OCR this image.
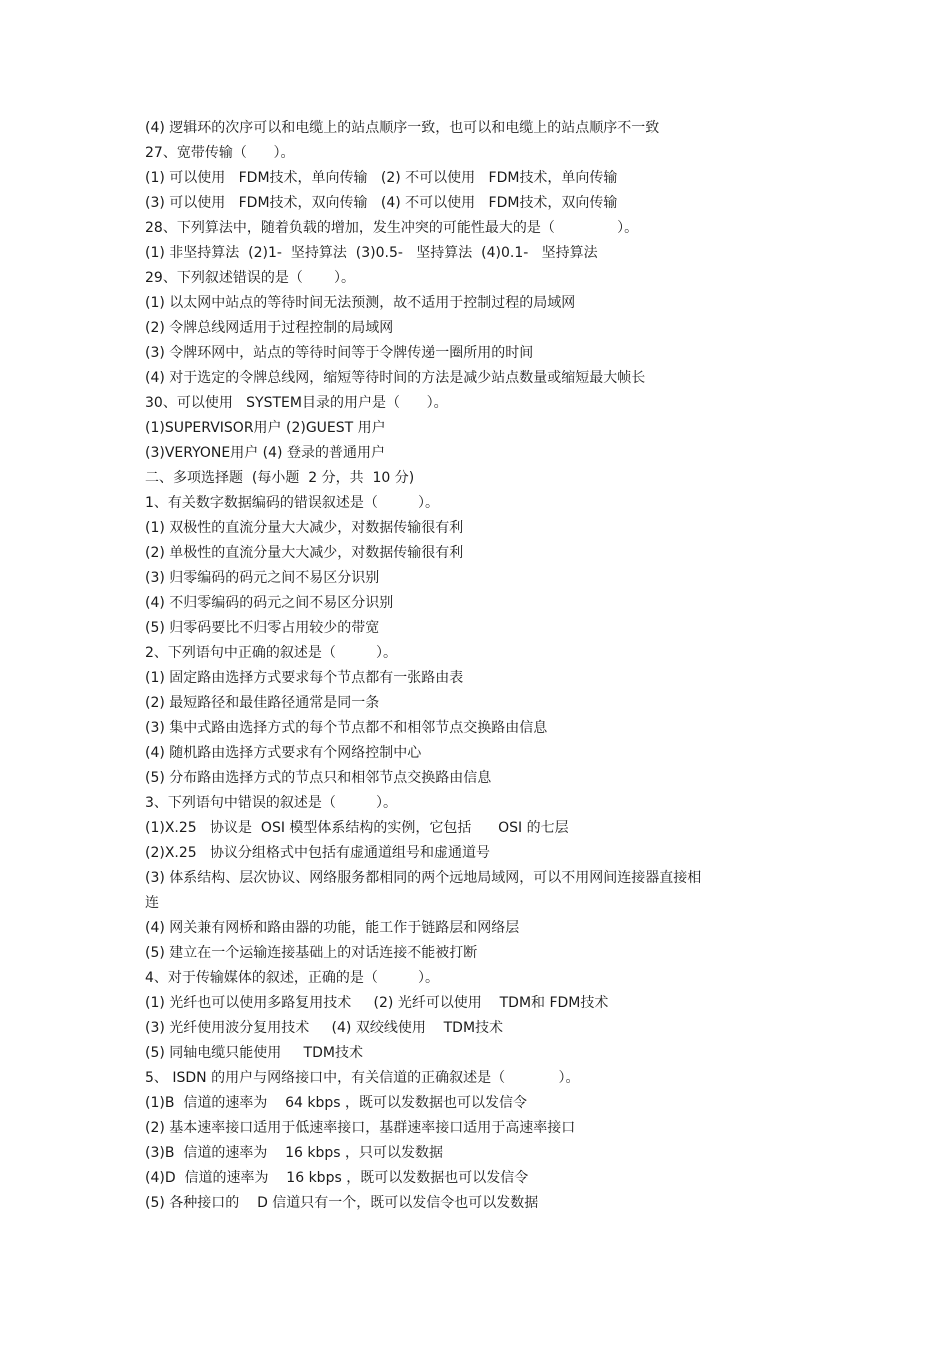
(4) 逻辑环的次序可以和电缆上的站点顺序一致，也可以和电缆上的站点顺序不一致
27、宽带传输（      ）。
(1) 可以使用   FDM技术，单向传输   (2) 不可以使用   FDM技术，单向传输
(3) 可以使用   FDM技术，双向传输   (4) 不可以使用   FDM技术，双向传输
28、下列算法中，随着负载的增加，发生冲突的可能性最大的是（              ）。
(1) 非坚持算法  (2)1-  坚持算法  (3)0.5-   坚持算法  (4)0.1-   坚持算法
29、下列叙述错误的是（       ）。
(1) 以太网中站点的等待时间无法预测，故不适用于控制过程的局域网
(2) 令牌总线网适用于过程控制的局域网
(3) 令牌环网中，站点的等待时间等于令牌传递一圈所用的时间
(4) 对于选定的令牌总线网，缩短等待时间的方法是减少站点数量或缩短最大帧长
30、可以使用   SYSTEM目录的用户是（      ）。
(1)SUPERVISOR用户 (2)GUEST 用户
(3)VERYONE用户 (4) 登录的普通用户
二、多项选择题  (每小题  2 分，共  10 分)
1、有关数字数据编码的错误叙述是（         ）。
(1) 双极性的直流分量大大减少，对数据传输很有利
(2) 单极性的直流分量大大减少，对数据传输很有利
(3) 归零编码的码元之间不易区分识别
(4) 不归零编码的码元之间不易区分识别
(5) 归零码要比不归零占用较少的带宽
2、下列语句中正确的叙述是（         ）。
(1) 固定路由选择方式要求每个节点都有一张路由表
(2) 最短路径和最佳路径通常是同一条
(3) 集中式路由选择方式的每个节点都不和相邻节点交换路由信息
(4) 随机路由选择方式要求有个网络控制中心
(5) 分布路由选择方式的节点只和相邻节点交换路由信息
3、下列语句中错误的叙述是（         ）。
(1)X.25   协议是  OSI 模型体系结构的实例，它包括      OSI 的七层
(2)X.25   协议分组格式中包括有虚通道组号和虚通道号
(3) 体系结构、层次协议、网络服务都相同的两个远地局域网，可以不用网间连接器直接相
连
(4) 网关兼有网桥和路由器的功能，能工作于链路层和网络层
(5) 建立在一个运输连接基础上的对话连接不能被打断
4、对于传输媒体的叙述，正确的是（         ）。
(1) 光纤也可以使用多路复用技术     (2) 光纤可以使用    TDM和 FDM技术
(3) 光纤使用波分复用技术     (4) 双绞线使用    TDM技术
(5) 同轴电缆只能使用     TDM技术
5、 ISDN 的用户与网络接口中，有关信道的正确叙述是（            ）。
(1)B  信道的速率为    64 kbps ，既可以发数据也可以发信令
(2) 基本速率接口适用于低速率接口，基群速率接口适用于高速率接口
(3)B  信道的速率为    16 kbps ，只可以发数据
(4)D  信道的速率为    16 kbps ，既可以发数据也可以发信令
(5) 各种接口的    D 信道只有一个，既可以发信令也可以发数据
